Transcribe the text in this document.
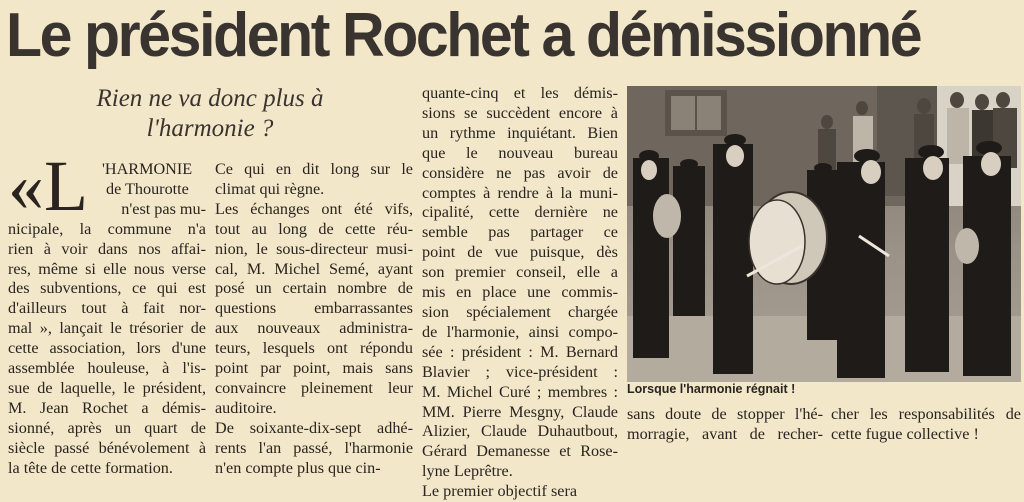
Le président Rochet a démissionné
Rien ne va donc plus à
l'harmonie ?
«L 'HARMONIE

de Thourotte

n'est pas mu-

nicipale, la commune n'a

rien à voir dans nos affai-

res, même si elle nous verse

des subventions, ce qui est

d'ailleurs tout à fait nor-

mal », lançait le trésorier de

cette association, lors d'une

assemblée houleuse, à l'is-

sue de laquelle, le président,

M. Jean Rochet a démis-

sionné, après un quart de

siècle passé bénévolement à

la tête de cette formation.

Ce qui en dit long sur le

climat qui règne.

Les échanges ont été vifs,

tout au long de cette réu-

nion, le sous-directeur musi-

cal, M. Michel Semé, ayant

posé un certain nombre de

questions embarrassantes

aux nouveaux administra-

teurs, lesquels ont répondu

point par point, mais sans

convaincre pleinement leur

auditoire.

De soixante-dix-sept adhé-

rents l'an passé, l'harmonie

n'en compte plus que cin-

quante-cinq et les démis-

sions se succèdent encore à

un rythme inquiétant. Bien

que le nouveau bureau

considère ne pas avoir de

comptes à rendre à la muni-

cipalité, cette dernière ne

semble pas partager ce

point de vue puisque, dès

son premier conseil, elle a

mis en place une commis-

sion spécialement chargée

de l'harmonie, ainsi compo-

sée : président : M. Bernard

Blavier ; vice-président :

M. Michel Curé ; membres :

MM. Pierre Mesgny, Claude

Alizier, Claude Duhautbout,

Gérard Demanesse et Rose-

lyne Leprêtre.

Le premier objectif sera

Lorsque l'harmonie régnait !

sans doute de stopper l'hé-

morragie, avant de recher-

cher les responsabilités de

cette fugue collective !
